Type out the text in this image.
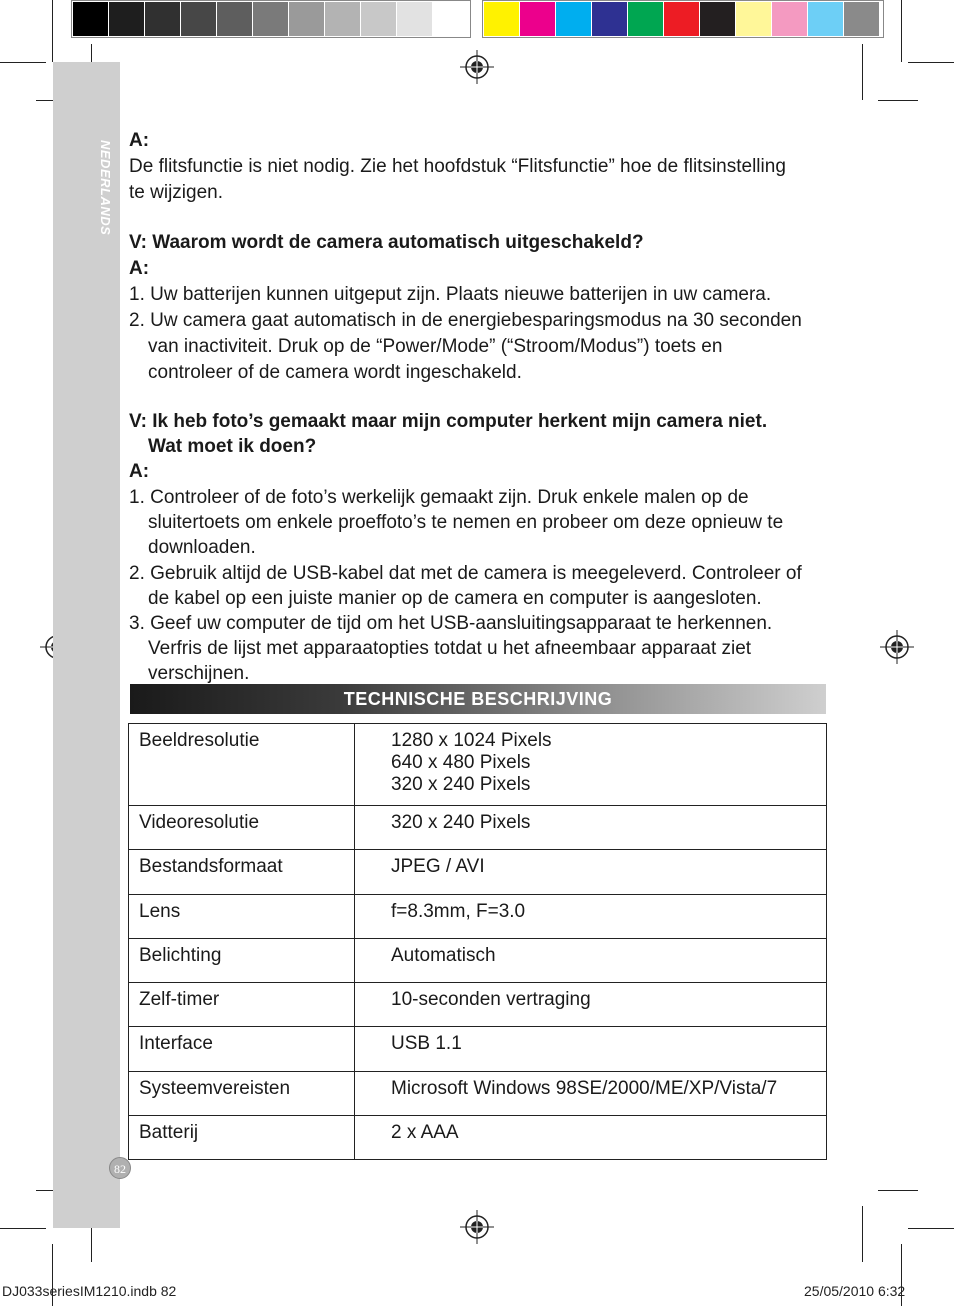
NEDERLANDS
82
A:
De flitsfunctie is niet nodig. Zie het hoofdstuk “Flitsfunctie” hoe de flitsinstelling
te wijzigen.
V: Waarom wordt de camera automatisch uitgeschakeld?
A:
1. Uw batterijen kunnen uitgeput zijn. Plaats nieuwe batterijen in uw camera.
2. Uw camera gaat automatisch in de energiebesparingsmodus na 30 seconden
van inactiviteit. Druk op de “Power/Mode” (“Stroom/Modus”) toets en
controleer of de camera wordt ingeschakeld.
V: Ik heb foto’s gemaakt maar mijn computer herkent mijn camera niet.
Wat moet ik doen?
A:
1. Controleer of de foto’s werkelijk gemaakt zijn. Druk enkele malen op de
sluitertoets om enkele proeffoto’s te nemen en probeer om deze opnieuw te
downloaden.
2. Gebruik altijd de USB-kabel dat met de camera is meegeleverd. Controleer of
de kabel op een juiste manier op de camera en computer is aangesloten.
3. Geef uw computer de tijd om het USB-aansluitingsapparaat te herkennen.
Verfris de lijst met apparaatopties totdat u het afneembaar apparaat ziet
verschijnen.
TECHNISCHE BESCHRIJVING
Beeldresolutie	1280 x 1024 Pixels
640 x 480 Pixels
320 x 240 Pixels
Videoresolutie	320 x 240 Pixels
Bestandsformaat	JPEG / AVI
Lens	f=8.3mm, F=3.0
Belichting	Automatisch
Zelf-timer	10-seconden vertraging
Interface	USB 1.1
Systeemvereisten	Microsoft Windows 98SE/2000/ME/XP/Vista/7
Batterij	2 x AAA
DJ033seriesIM1210.indb 82	25/05/2010 6:32
